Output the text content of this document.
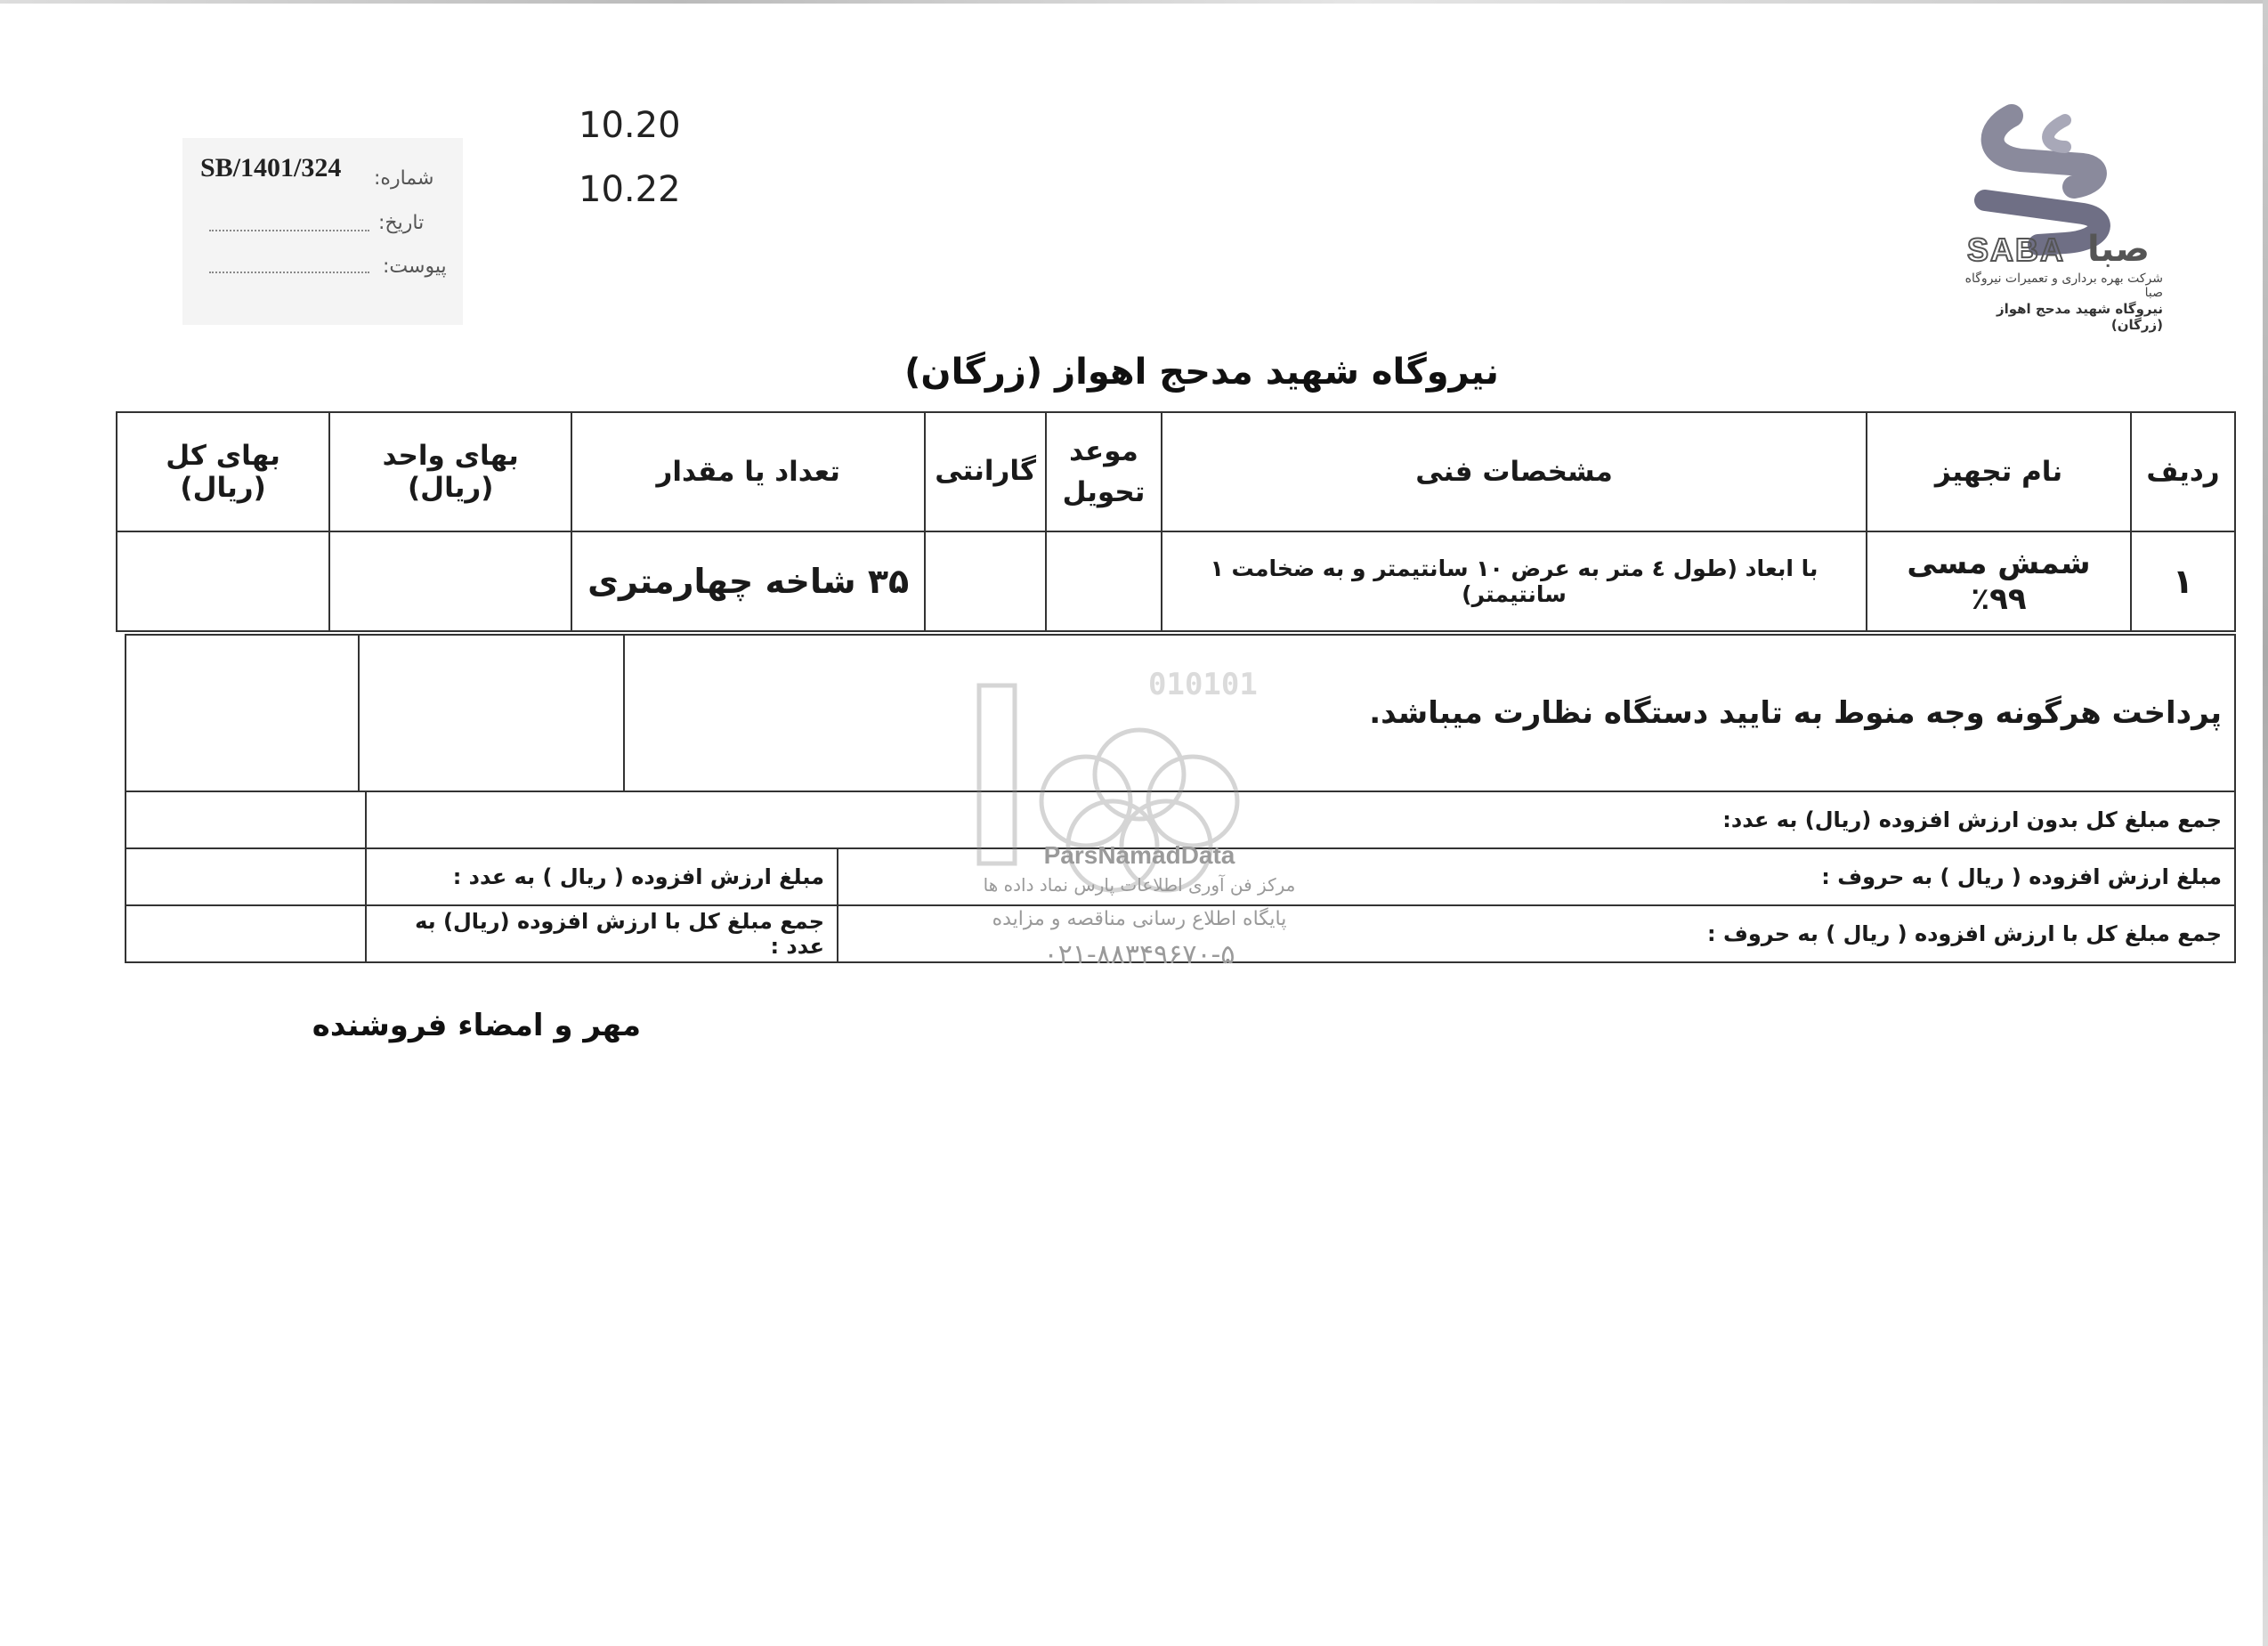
10.20
10.22
SB/1401/324 شماره:
تاریخ:
پیوست:	SABA صبا
شرکت بهره برداری و تعمیرات نیروگاه صبا
نیروگاه شهید مدحج اهواز (زرگان)
نیروگاه شهید مدحج اهواز (زرگان)
ردیف	نام تجهیز	مشخصات فنی	موعد تحویل	گارانتی	تعداد یا مقدار	بهای واحد (ریال)	بهای کل (ریال)
۱	شمش مسی ۹۹٪	با ابعاد (طول ٤ متر به عرض ۱۰ سانتیمتر و به ضخامت ۱ سانتیمتر)			۳۵ شاخه چهارمتری		
پرداخت هرگونه وجه منوط به تایید دستگاه نظارت میباشد.		
جمع مبلغ کل بدون ارزش افزوده (ریال) به عدد:		
مبلغ ارزش افزوده ( ریال ) به حروف :	مبلغ ارزش افزوده ( ریال ) به عدد :	
جمع مبلغ کل با ارزش افزوده ( ریال ) به حروف :	جمع مبلغ کل با ارزش افزوده (ریال) به عدد :	
010101
ParsNamadData
مرکز فن آوری اطلاعات پارس نماد داده ها
پایگاه اطلاع رسانی مناقصه و مزایده
۰۲۱-۸۸۳۴۹۶۷۰-۵
مهر و امضاء فروشنده
